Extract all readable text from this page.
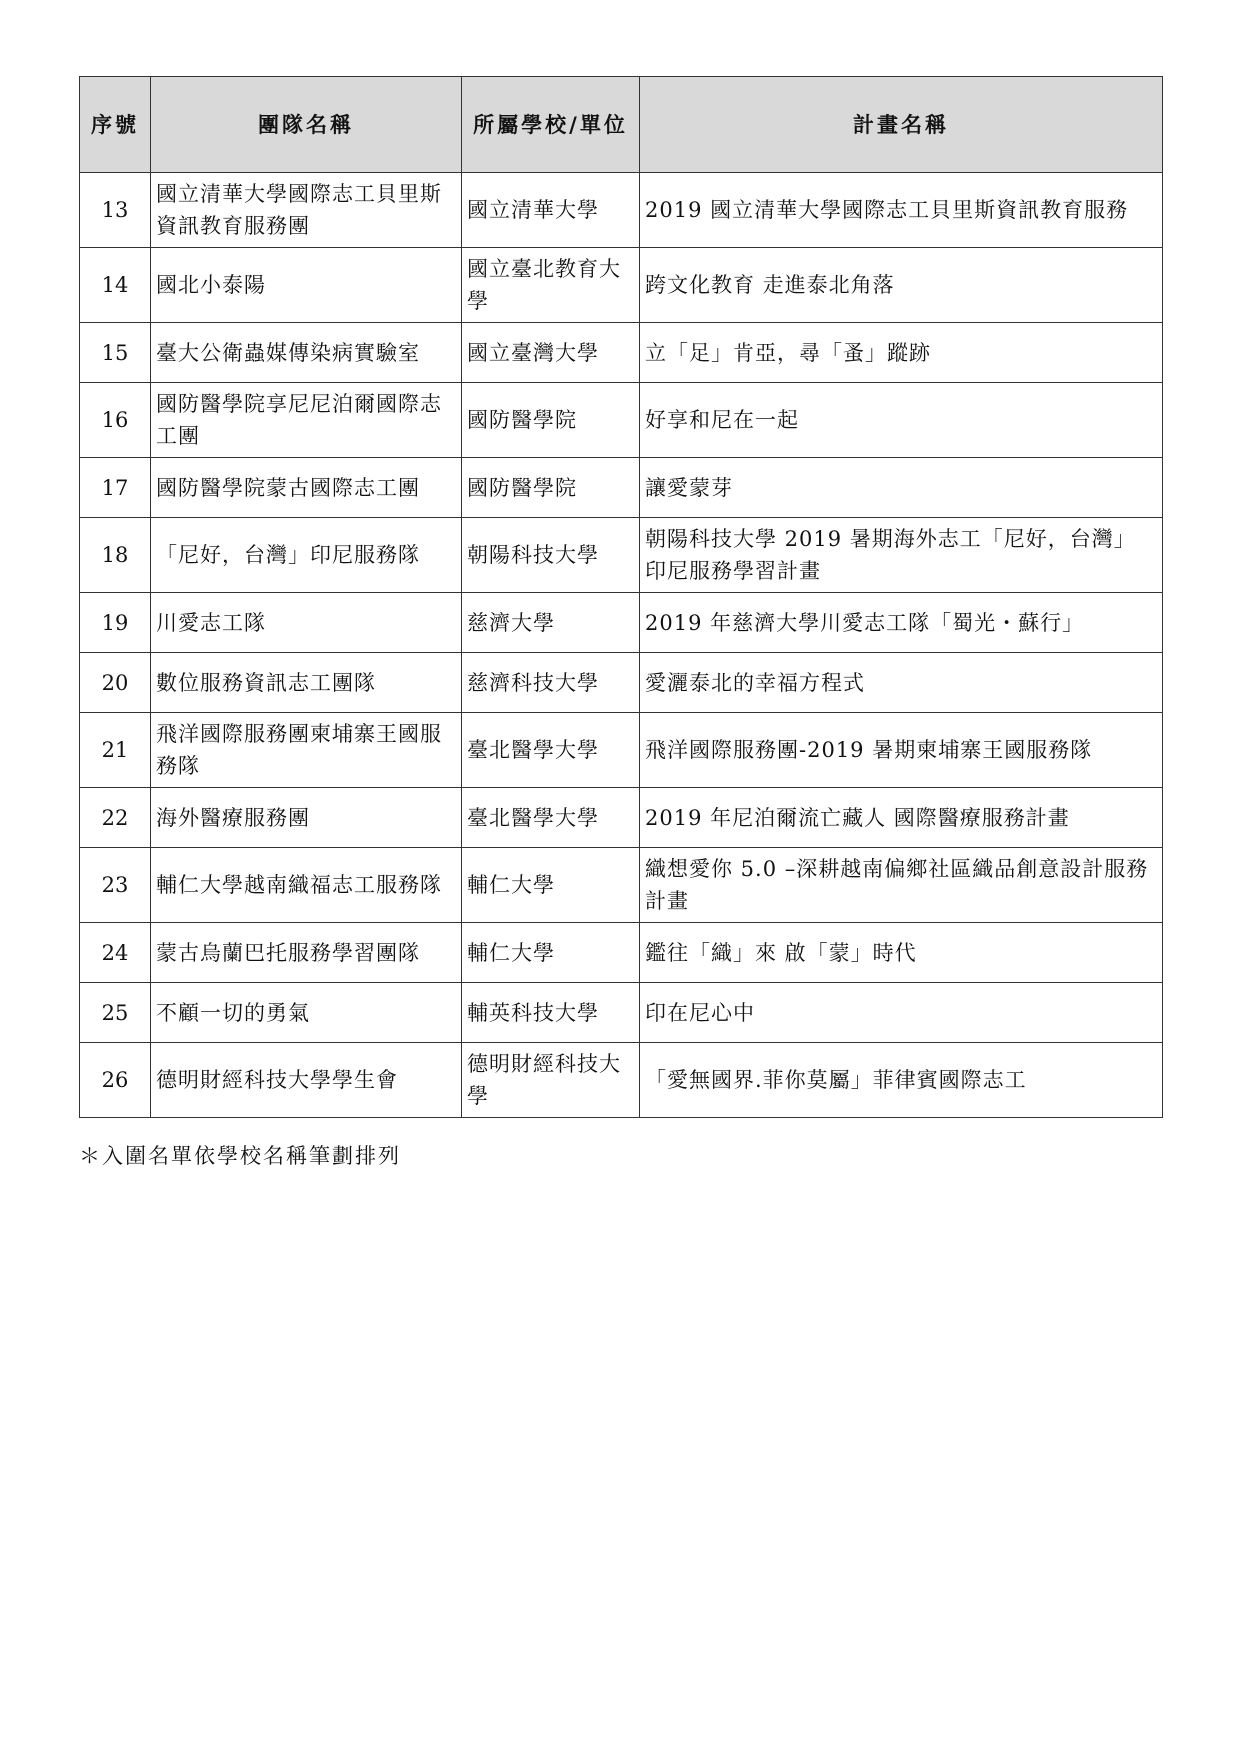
序號	團隊名稱	所屬學校/單位	計畫名稱
13	國立清華大學國際志工貝里斯資訊教育服務團	國立清華大學	2019 國立清華大學國際志工貝里斯資訊教育服務
14	國北小泰陽	國立臺北教育大學	跨文化教育 走進泰北角落
15	臺大公衛蟲媒傳染病實驗室	國立臺灣大學	立「足」肯亞，尋「蚤」蹤跡
16	國防醫學院享尼尼泊爾國際志工團	國防醫學院	好享和尼在一起
17	國防醫學院蒙古國際志工團	國防醫學院	讓愛蒙芽
18	「尼好，台灣」印尼服務隊	朝陽科技大學	朝陽科技大學 2019 暑期海外志工「尼好，台灣」印尼服務學習計畫
19	川愛志工隊	慈濟大學	2019 年慈濟大學川愛志工隊「蜀光・蘇行」
20	數位服務資訊志工團隊	慈濟科技大學	愛灑泰北的幸福方程式
21	飛洋國際服務團柬埔寨王國服務隊	臺北醫學大學	飛洋國際服務團-2019 暑期柬埔寨王國服務隊
22	海外醫療服務團	臺北醫學大學	2019 年尼泊爾流亡藏人 國際醫療服務計畫
23	輔仁大學越南織福志工服務隊	輔仁大學	織想愛你 5.0 –深耕越南偏鄉社區織品創意設計服務計畫
24	蒙古烏蘭巴托服務學習團隊	輔仁大學	鑑往「織」來 啟「蒙」時代
25	不顧一切的勇氣	輔英科技大學	印在尼心中
26	德明財經科技大學學生會	德明財經科技大學	「愛無國界.菲你莫屬」菲律賓國際志工
＊入圍名單依學校名稱筆劃排列
